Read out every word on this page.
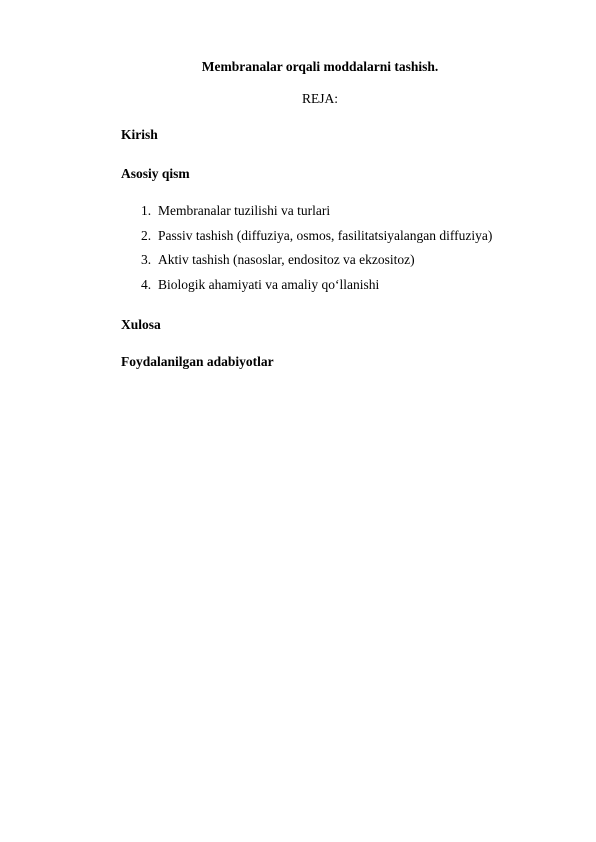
Membranalar orqali moddalarni tashish.
REJA:
Kirish
Asosiy qism
1. Membranalar tuzilishi va turlari
2. Passiv tashish (diffuziya, osmos, fasilitatsiyalangan diffuziya)
3. Aktiv tashish (nasoslar, endositoz va ekzositoz)
4. Biologik ahamiyati va amaliy qo‘llanishi
Xulosa
Foydalanilgan adabiyotlar
